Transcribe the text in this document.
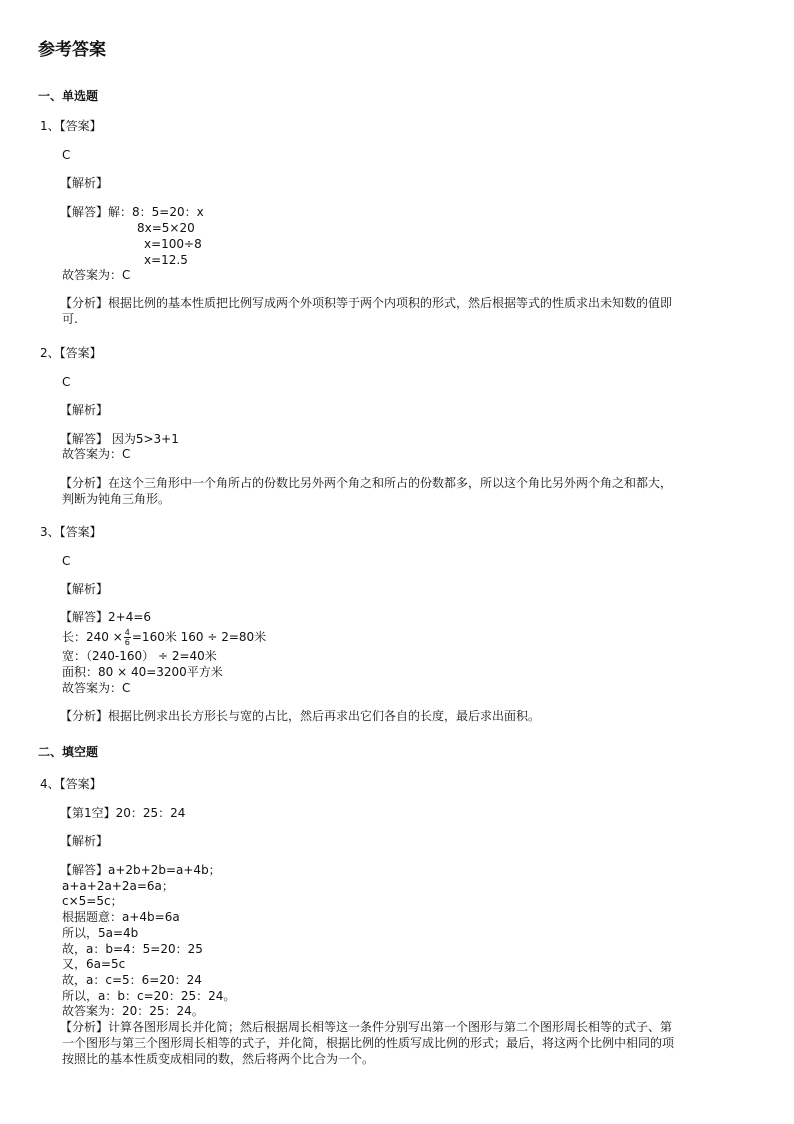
参考答案
一、单选题
1、【答案】
C
【解析】
【解答】解：8：5=20：x
8x=5×20
x=100÷8
x=12.5
故答案为：C
【分析】根据比例的基本性质把比例写成两个外项积等于两个内项积的形式，然后根据等式的性质求出未知数的值即
可.
2、【答案】
C
【解析】
【解答】 因为5>3+1
故答案为：C
【分析】在这个三角形中一个角所占的份数比另外两个角之和所占的份数都多，所以这个角比另外两个角之和都大，
判断为钝角三角形。
3、【答案】
C
【解析】
【解答】2+4=6
长：$240 \times \frac{4}{6} =160$米 160 ÷ 2=80米
宽：（240-160） ÷ 2=40米
面积：80 × 40=3200平方米
故答案为：C
【分析】根据比例求出长方形长与宽的占比，然后再求出它们各自的长度，最后求出面积。
二、填空题
4、【答案】
【第1空】20：25：24
【解析】
【解答】a+2b+2b=a+4b；
a+a+2a+2a=6a；
c×5=5c；
根据题意：a+4b=6a
所以，5a=4b
故，a：b=4：5=20：25
又，6a=5c
故，a：c=5：6=20：24
所以，a：b：c=20：25：24。
故答案为：20：25：24。
【分析】计算各图形周长并化简；然后根据周长相等这一条件分别写出第一个图形与第二个图形周长相等的式子、第
一个图形与第三个图形周长相等的式子，并化简，根据比例的性质写成比例的形式；最后，将这两个比例中相同的项
按照比的基本性质变成相同的数，然后将两个比合为一个。
